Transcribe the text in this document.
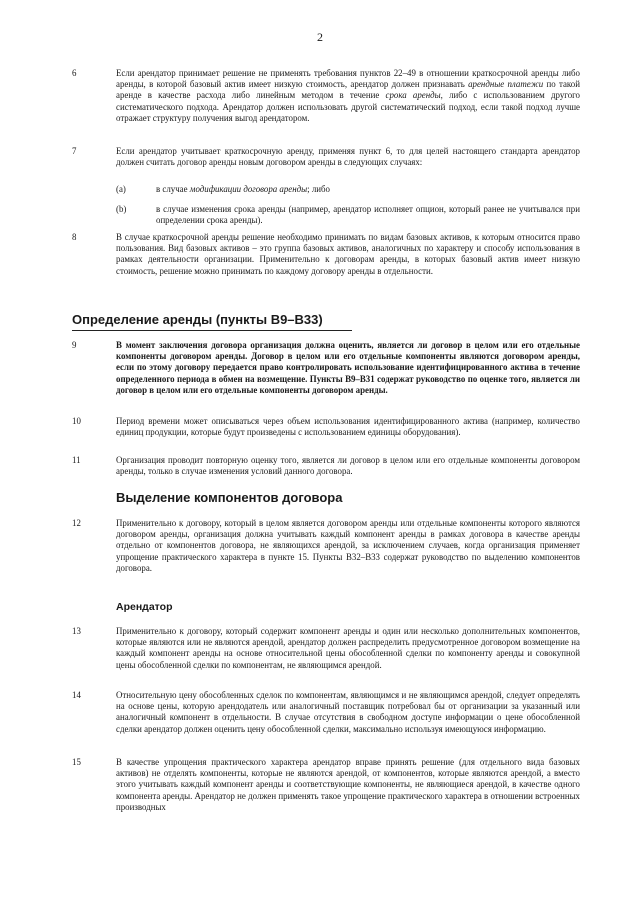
2
6	Если арендатор принимает решение не применять требования пунктов 22–49 в отношении краткосрочной аренды либо аренды, в которой базовый актив имеет низкую стоимость, арендатор должен признавать арендные платежи по такой аренде в качестве расхода либо линейным методом в течение срока аренды, либо с использованием другого систематического подхода. Арендатор должен использовать другой систематический подход, если такой подход лучше отражает структуру получения выгод арендатором.
7	Если арендатор учитывает краткосрочную аренду, применяя пункт 6, то для целей настоящего стандарта арендатор должен считать договор аренды новым договором аренды в следующих случаях:
(a)	в случае модификации договора аренды; либо
(b)	в случае изменения срока аренды (например, арендатор исполняет опцион, который ранее не учитывался при определении срока аренды).
8	В случае краткосрочной аренды решение необходимо принимать по видам базовых активов, к которым относится право пользования. Вид базовых активов – это группа базовых активов, аналогичных по характеру и способу использования в рамках деятельности организации. Применительно к договорам аренды, в которых базовый актив имеет низкую стоимость, решение можно принимать по каждому договору аренды в отдельности.
Определение аренды (пункты B9–B33)
9	В момент заключения договора организация должна оценить, является ли договор в целом или его отдельные компоненты договором аренды. Договор в целом или его отдельные компоненты являются договором аренды, если по этому договору передается право контролировать использование идентифицированного актива в течение определенного периода в обмен на возмещение. Пункты B9–B31 содержат руководство по оценке того, является ли договор в целом или его отдельные компоненты договором аренды.
10	Период времени может описываться через объем использования идентифицированного актива (например, количество единиц продукции, которые будут произведены с использованием единицы оборудования).
11	Организация проводит повторную оценку того, является ли договор в целом или его отдельные компоненты договором аренды, только в случае изменения условий данного договора.
Выделение компонентов договора
12	Применительно к договору, который в целом является договором аренды или отдельные компоненты которого являются договором аренды, организация должна учитывать каждый компонент аренды в рамках договора в качестве аренды отдельно от компонентов договора, не являющихся арендой, за исключением случаев, когда организация применяет упрощение практического характера в пункте 15. Пункты B32–B33 содержат руководство по выделению компонентов договора.
Арендатор
13	Применительно к договору, который содержит компонент аренды и один или несколько дополнительных компонентов, которые являются или не являются арендой, арендатор должен распределить предусмотренное договором возмещение на каждый компонент аренды на основе относительной цены обособленной сделки по компоненту аренды и совокупной цены обособленной сделки по компонентам, не являющимся арендой.
14	Относительную цену обособленных сделок по компонентам, являющимся и не являющимся арендой, следует определять на основе цены, которую арендодатель или аналогичный поставщик потребовал бы от организации за указанный или аналогичный компонент в отдельности. В случае отсутствия в свободном доступе информации о цене обособленной сделки арендатор должен оценить цену обособленной сделки, максимально используя имеющуюся информацию.
15	В качестве упрощения практического характера арендатор вправе принять решение (для отдельного вида базовых активов) не отделять компоненты, которые не являются арендой, от компонентов, которые являются арендой, а вместо этого учитывать каждый компонент аренды и соответствующие компоненты, не являющиеся арендой, в качестве одного компонента аренды. Арендатор не должен применять такое упрощение практического характера в отношении встроенных производных
